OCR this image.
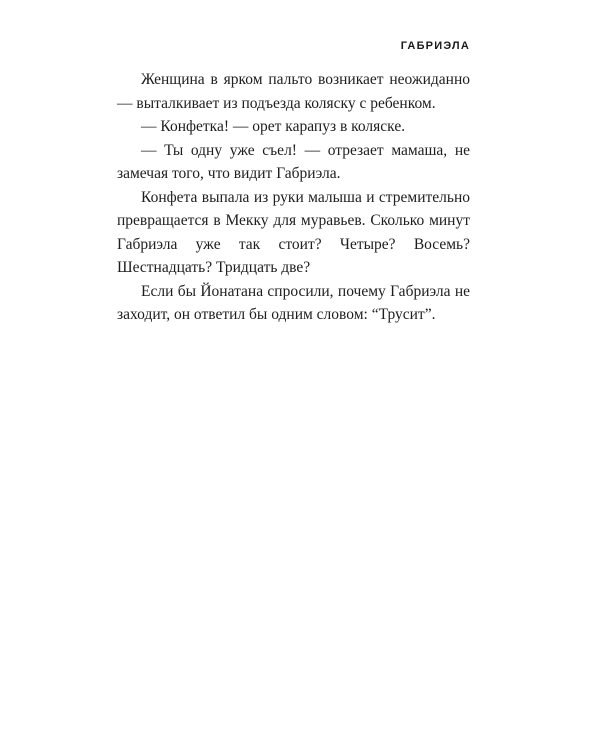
ГАБРИЭЛА

Женщина в ярком пальто возникает неожиданно — выталкивает из подъезда коляску с ребенком.

— Конфетка! — орет карапуз в коляске.

— Ты одну уже съел! — отрезает мамаша, не замечая того, что видит Габриэла.

Конфета выпала из руки малыша и стремительно превращается в Мекку для муравьев. Сколько минут Габриэла уже так стоит? Четыре? Восемь? Шестнадцать? Тридцать две?

Если бы Йонатана спросили, почему Габриэла не заходит, он ответил бы одним словом: “Трусит”.
